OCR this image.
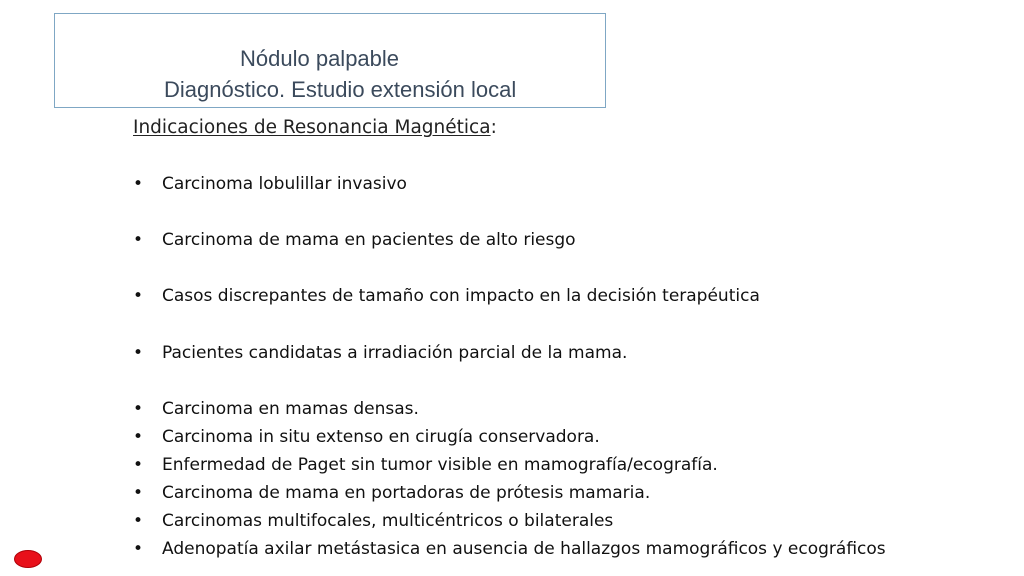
Nódulo palpable
Diagnóstico. Estudio extensión local
Indicaciones de Resonancia Magnética:
• Carcinoma lobulillar invasivo
• Carcinoma de mama en pacientes de alto riesgo
• Casos discrepantes de tamaño con impacto en la decisión terapéutica
• Pacientes candidatas a irradiación parcial de la mama.
• Carcinoma en mamas densas.
• Carcinoma in situ extenso en cirugía conservadora.
• Enfermedad de Paget sin tumor visible en mamografía/ecografía.
• Carcinoma de mama en portadoras de prótesis mamaria.
• Carcinomas multifocales, multicéntricos o bilaterales
• Adenopatía axilar metástasica en ausencia de hallazgos mamográficos y ecográficos
